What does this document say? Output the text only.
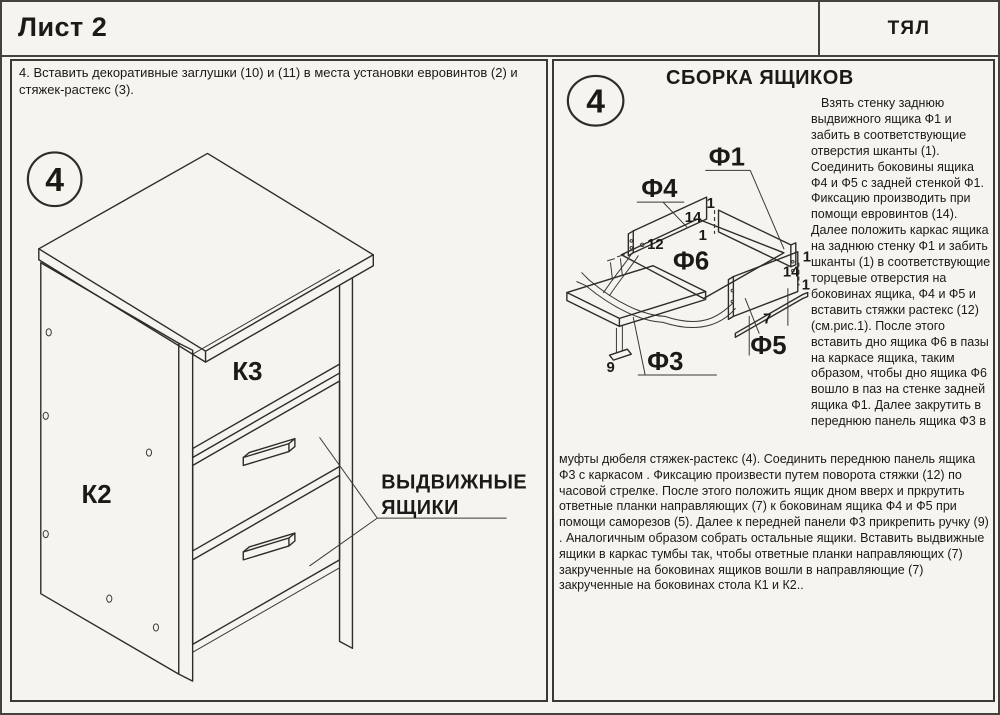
Лист 2	ТЯЛ
4
К3
К2	ВЫДВИЖНЫЕ
ЯЩИКИ
4. Вставить декоративные заглушки (10) и (11) в места установки евровинтов (2) и стяжек-растекс (3).	4
Ф1
Ф4
Ф6
Ф3
Ф5
1
14
1
12
1
14
1
7
9
СБОРКА ЯЩИКОВ
Взять стенку заднюю выдвижного ящика Ф1 и забить в соответствующие отверстия шканты (1). Соединить боковины ящика Ф4 и Ф5 с задней стенкой Ф1. Фиксацию производить при помощи евровинтов (14). Далее положить каркас ящика на заднюю стенку Ф1 и забить шканты (1) в соответствующие торцевые отверстия на боковинах ящика, Ф4 и Ф5 и вставить стяжки растекс (12) (см.рис.1). После этого вставить дно ящика Ф6 в пазы на каркасе ящика, таким образом, чтобы дно ящика Ф6 вошло в паз на стенке задней ящика Ф1. Далее закрутить в переднюю панель ящика Ф3 в
муфты дюбеля стяжек-растекс (4). Соединить переднюю панель ящика Ф3 с каркасом . Фиксацию произвести путем поворота стяжки (12) по часовой стрелке. После этого положить ящик дном вверх и пркрутить ответные планки направляющих (7) к боковинам ящика Ф4 и Ф5 при помощи саморезов (5). Далее к передней панели Ф3 прикрепить ручку (9) . Аналогичным образом собрать остальные ящики. Вставить выдвижные ящики в каркас тумбы так, чтобы ответные планки направляющих (7) закрученные на боковинах ящиков вошли в направляющие (7) закрученные на боковинах стола К1 и К2..
